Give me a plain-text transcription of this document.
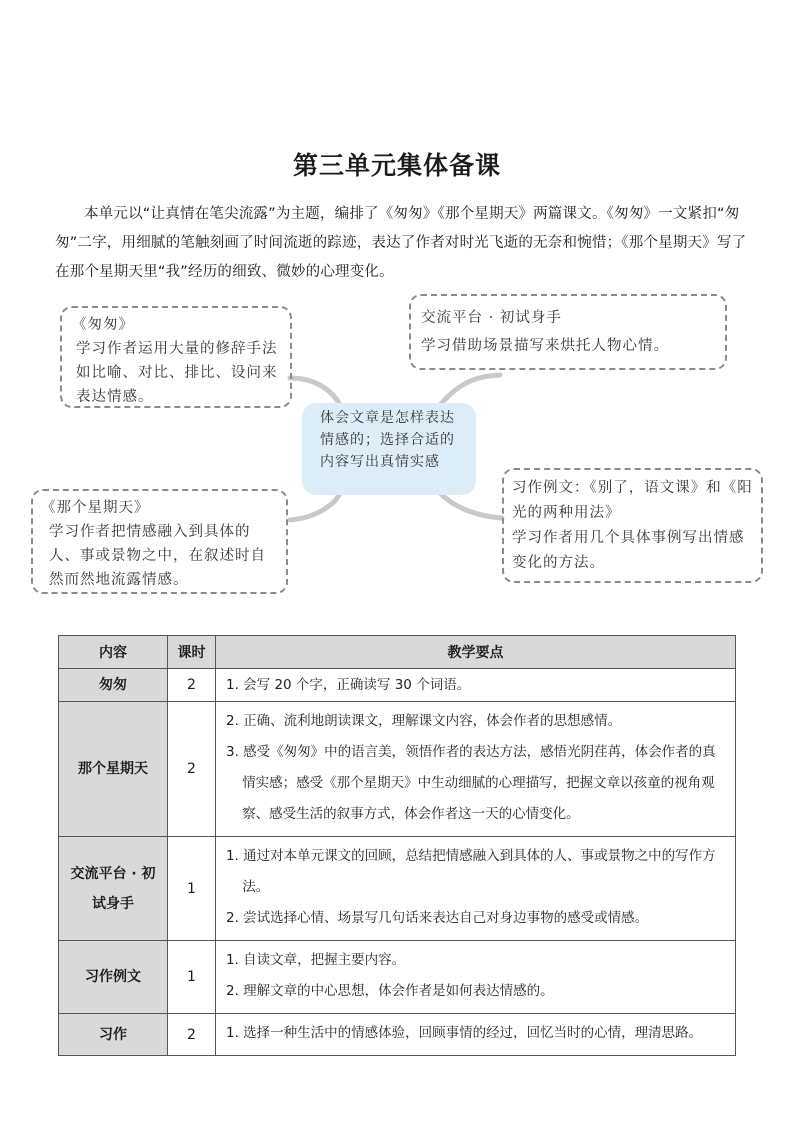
第三单元集体备课
本单元以“让真情在笔尖流露”为主题，编排了《匆匆》《那个星期天》两篇课文。《匆匆》一文紧扣“匆匆”二字，用细腻的笔触刻画了时间流逝的踪迹，表达了作者对时光飞逝的无奈和惋惜；《那个星期天》写了在那个星期天里“我”经历的细致、微妙的心理变化。
《匆匆》
学习作者运用大量的修辞手法如比喻、对比、排比、设问来表达情感。
《那个星期天》
学习作者把情感融入到具体的人、事或景物之中，在叙述时自然而然地流露情感。
交流平台 · 初试身手
学习借助场景描写来烘托人物心情。
习作例文：《别了，语文课》和《阳光的两种用法》
学习作者用几个具体事例写出情感变化的方法。
体会文章是怎样表达情感的；选择合适的内容写出真情实感
内容	课时	教学要点
匆匆	2	1. 会写 20 个字，正确读写 30 个词语。
那个星期天	2	2. 正确、流利地朗读课文，理解课文内容，体会作者的思想感情。
3. 感受《匆匆》中的语言美，领悟作者的表达方法，感悟光阴荏苒，体会作者的真情实感；感受《那个星期天》中生动细腻的心理描写，把握文章以孩童的视角观察、感受生活的叙事方式，体会作者这一天的心情变化。

交流平台 · 初试身手	1	1. 通过对本单元课文的回顾，总结把情感融入到具体的人、事或景物之中的写作方法。
2. 尝试选择心情、场景写几句话来表达自己对身边事物的感受或情感。

习作例文	1	1. 自读文章，把握主要内容。
2. 理解文章的中心思想，体会作者是如何表达情感的。

习作	2	1. 选择一种生活中的情感体验，回顾事情的经过，回忆当时的心情，理清思路。
